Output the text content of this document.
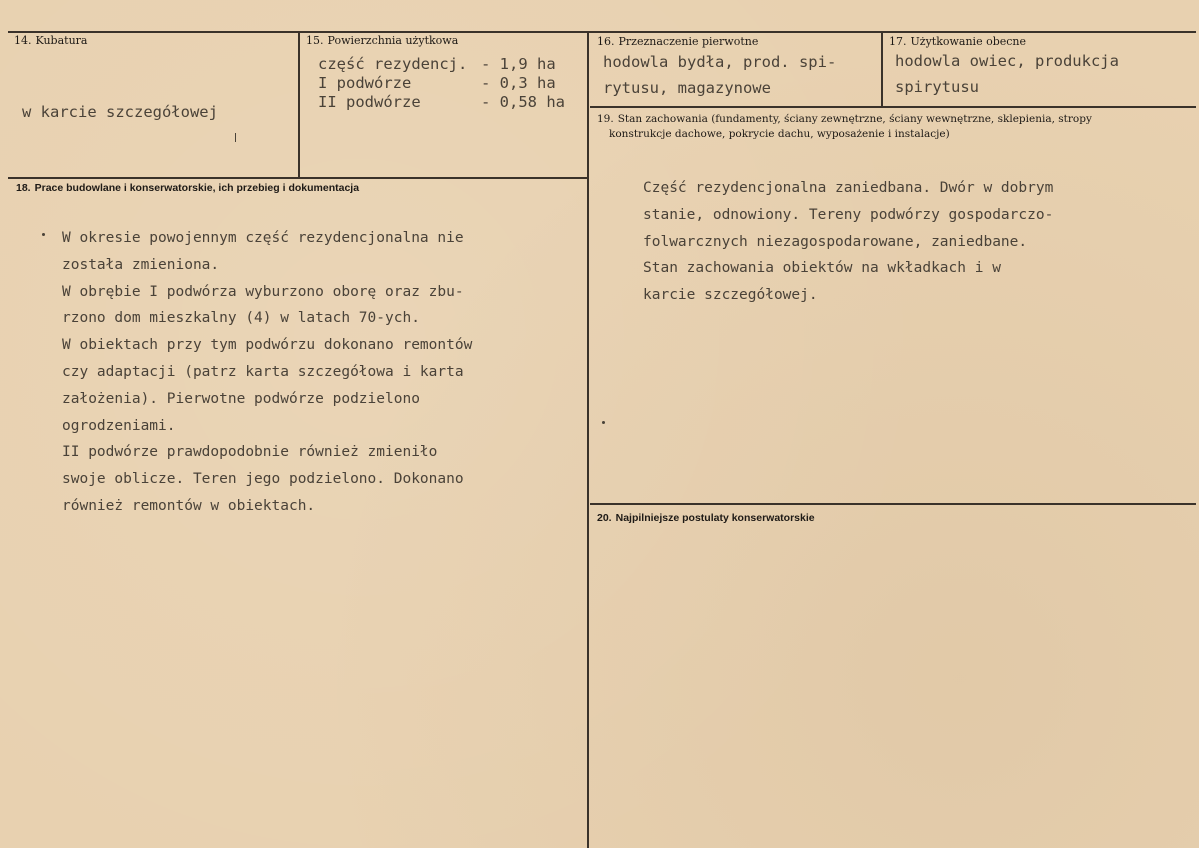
14. Kubatura
w karcie szczegółowej
15. Powierzchnia użytkowa
część rezydencj. - 1,9 ha
I podwórze	- 0,3 ha
II podwórze	- 0,58 ha
16. Przeznaczenie pierwotne
hodowla bydła, prod. spi-
rytusu, magazynowe
17. Użytkowanie obecne
hodowla owiec, produkcja
spirytusu
18. Prace budowlane i konserwatorskie, ich przebieg i dokumentacja
W okresie powojennym część rezydencjonalna nie
została zmieniona.
W obrębie I podwórza wyburzono oborę oraz zbu-
rzono dom mieszkalny (4) w latach 70-ych.
W obiektach przy tym podwórzu dokonano remontów
czy adaptacji (patrz karta szczegółowa i karta
założenia). Pierwotne podwórze podzielono
ogrodzeniami.
II podwórze prawdopodobnie również zmieniło
swoje oblicze. Teren jego podzielono. Dokonano
również remontów w obiektach.
19. Stan zachowania (fundamenty, ściany zewnętrzne, ściany wewnętrzne, sklepienia, stropy
konstrukcje dachowe, pokrycie dachu, wyposażenie i instalacje)
Część rezydencjonalna zaniedbana. Dwór w dobrym
stanie, odnowiony. Tereny podwórzy gospodarczo-
folwarcznych niezagospodarowane, zaniedbane.
Stan zachowania obiektów na wkładkach i w
karcie szczegółowej.
20. Najpilniejsze postulaty konserwatorskie
